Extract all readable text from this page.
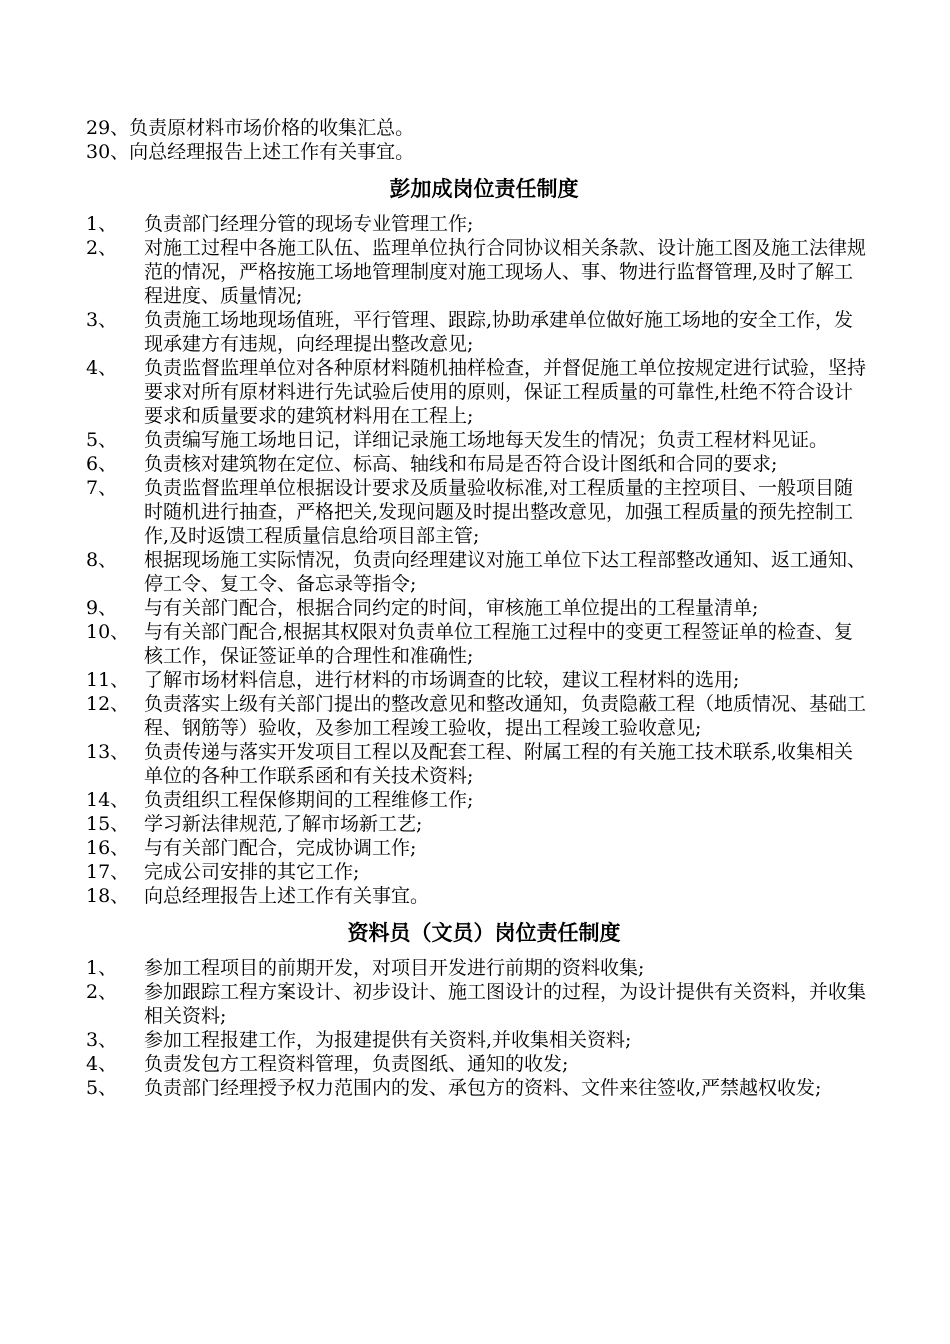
29、负责原材料市场价格的收集汇总。
30、向总经理报告上述工作有关事宜。
彭加成岗位责任制度
1、	负责部门经理分管的现场专业管理工作;
2、	对施工过程中各施工队伍、监理单位执行合同协议相关条款、设计施工图及施工法律规范的情况，严格按施工场地管理制度对施工现场人、事、物进行监督管理,及时了解工程进度、质量情况;
3、	负责施工场地现场值班，平行管理、跟踪,协助承建单位做好施工场地的安全工作，发现承建方有违规，向经理提出整改意见;
4、	负责监督监理单位对各种原材料随机抽样检查，并督促施工单位按规定进行试验，坚持要求对所有原材料进行先试验后使用的原则，保证工程质量的可靠性,杜绝不符合设计要求和质量要求的建筑材料用在工程上;
5、	负责编写施工场地日记，详细记录施工场地每天发生的情况；负责工程材料见证。
6、	负责核对建筑物在定位、标高、轴线和布局是否符合设计图纸和合同的要求;
7、	负责监督监理单位根据设计要求及质量验收标准,对工程质量的主控项目、一般项目随时随机进行抽查，严格把关,发现问题及时提出整改意见，加强工程质量的预先控制工作,及时返馈工程质量信息给项目部主管;
8、	根据现场施工实际情况，负责向经理建议对施工单位下达工程部整改通知、返工通知、停工令、复工令、备忘录等指令;
9、	与有关部门配合，根据合同约定的时间，审核施工单位提出的工程量清单;
10、 与有关部门配合,根据其权限对负责单位工程施工过程中的变更工程签证单的检查、复核工作，保证签证单的合理性和准确性;
11、 了解市场材料信息，进行材料的市场调查的比较，建议工程材料的选用;
12、 负责落实上级有关部门提出的整改意见和整改通知，负责隐蔽工程（地质情况、基础工程、钢筋等）验收，及参加工程竣工验收，提出工程竣工验收意见;
13、 负责传递与落实开发项目工程以及配套工程、附属工程的有关施工技术联系,收集相关单位的各种工作联系函和有关技术资料;
14、 负责组织工程保修期间的工程维修工作;
15、 学习新法律规范,了解市场新工艺;
16、 与有关部门配合，完成协调工作;
17、 完成公司安排的其它工作;
18、 向总经理报告上述工作有关事宜。
资料员（文员）岗位责任制度
1、	参加工程项目的前期开发，对项目开发进行前期的资料收集;
2、	参加跟踪工程方案设计、初步设计、施工图设计的过程，为设计提供有关资料，并收集相关资料;
3、	参加工程报建工作，为报建提供有关资料,并收集相关资料;
4、	负责发包方工程资料管理，负责图纸、通知的收发;
5、	负责部门经理授予权力范围内的发、承包方的资料、文件来往签收,严禁越权收发;
